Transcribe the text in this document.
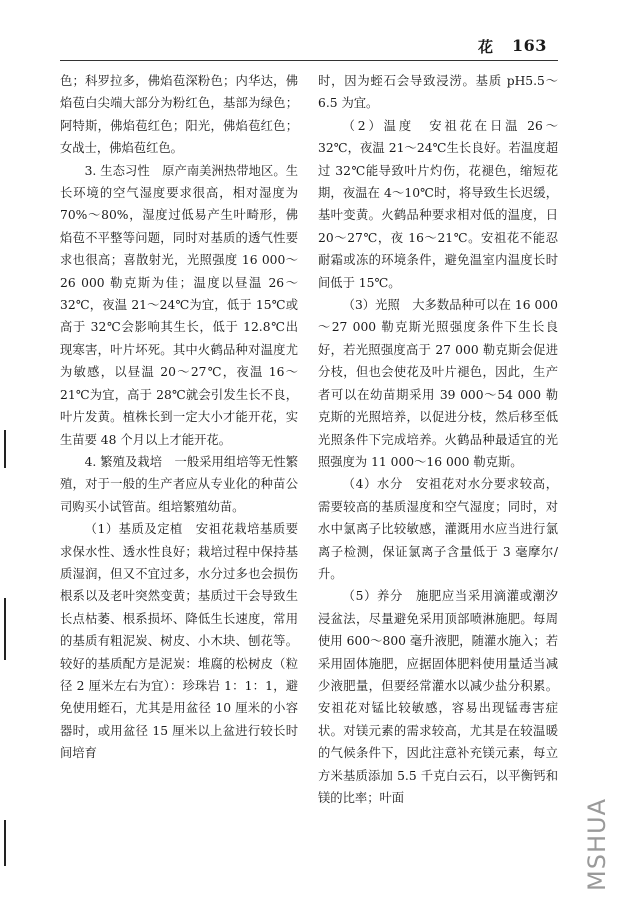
花 163

色；科罗拉多，佛焰苞深粉色；内华达，佛焰苞白尖端大部分为粉红色，基部为绿色；阿特斯，佛焰苞红色；阳光，佛焰苞红色；女战士，佛焰苞红色。

3. 生态习性　原产南美洲热带地区。生长环境的空气湿度要求很高，相对湿度为 70%～80%，湿度过低易产生叶畸形，佛焰苞不平整等问题，同时对基质的透气性要求也很高；喜散射光，光照强度 16 000～26 000 勒克斯为佳；温度以昼温 26～32℃，夜温 21～24℃为宜，低于 15℃或高于 32℃会影响其生长，低于 12.8℃出现寒害，叶片坏死。其中火鹤品种对温度尤为敏感，以昼温 20～27℃，夜温 16～21℃为宜，高于 28℃就会引发生长不良，叶片发黄。植株长到一定大小才能开花，实生苗要 48 个月以上才能开花。

4. 繁殖及栽培　一般采用组培等无性繁殖，对于一般的生产者应从专业化的种苗公司购买小试管苗。组培繁殖幼苗。

（1）基质及定植　安祖花栽培基质要求保水性、透水性良好；栽培过程中保持基质湿润，但又不宜过多，水分过多也会损伤根系以及老叶突然变黄；基质过干会导致生长点枯萎、根系损坏、降低生长速度，常用的基质有粗泥炭、树皮、小木块、刨花等。较好的基质配方是泥炭：堆腐的松树皮（粒径 2 厘米左右为宜）：珍珠岩 1：1：1，避免使用蛭石，尤其是用盆径 10 厘米的小容器时，或用盆径 15 厘米以上盆进行较长时间培育

时，因为蛭石会导致浸涝。基质 pH5.5～6.5 为宜。

（2）温度　安祖花在日温 26～32℃，夜温 21～24℃生长良好。若温度超过 32℃能导致叶片灼伤，花褪色，缩短花期，夜温在 4～10℃时，将导致生长迟缓，基叶变黄。火鹤品种要求相对低的温度，日 20～27℃，夜 16～21℃。安祖花不能忍耐霜或冻的环境条件，避免温室内温度长时间低于 15℃。

（3）光照　大多数品种可以在 16 000～27 000 勒克斯光照强度条件下生长良好，若光照强度高于 27 000 勒克斯会促进分枝，但也会使花及叶片褪色，因此，生产者可以在幼苗期采用 39 000～54 000 勒克斯的光照培养，以促进分枝，然后移至低光照条件下完成培养。火鹤品种最适宜的光照强度为 11 000～16 000 勒克斯。

（4）水分　安祖花对水分要求较高，需要较高的基质湿度和空气湿度；同时，对水中氯离子比较敏感，灌溉用水应当进行氯离子检测，保证氯离子含量低于 3 毫摩尔/升。

（5）养分　施肥应当采用滴灌或潮汐浸盆法，尽量避免采用顶部喷淋施肥。每周使用 600～800 毫升液肥，随灌水施入；若采用固体施肥，应据固体肥料使用量适当减少液肥量，但要经常灌水以减少盐分积累。安祖花对锰比较敏感，容易出现锰毒害症状。对镁元素的需求较高，尤其是在较温暖的气候条件下，因此注意补充镁元素，每立方米基质添加 5.5 千克白云石，以平衡钙和镁的比率；叶面

MSHUA
